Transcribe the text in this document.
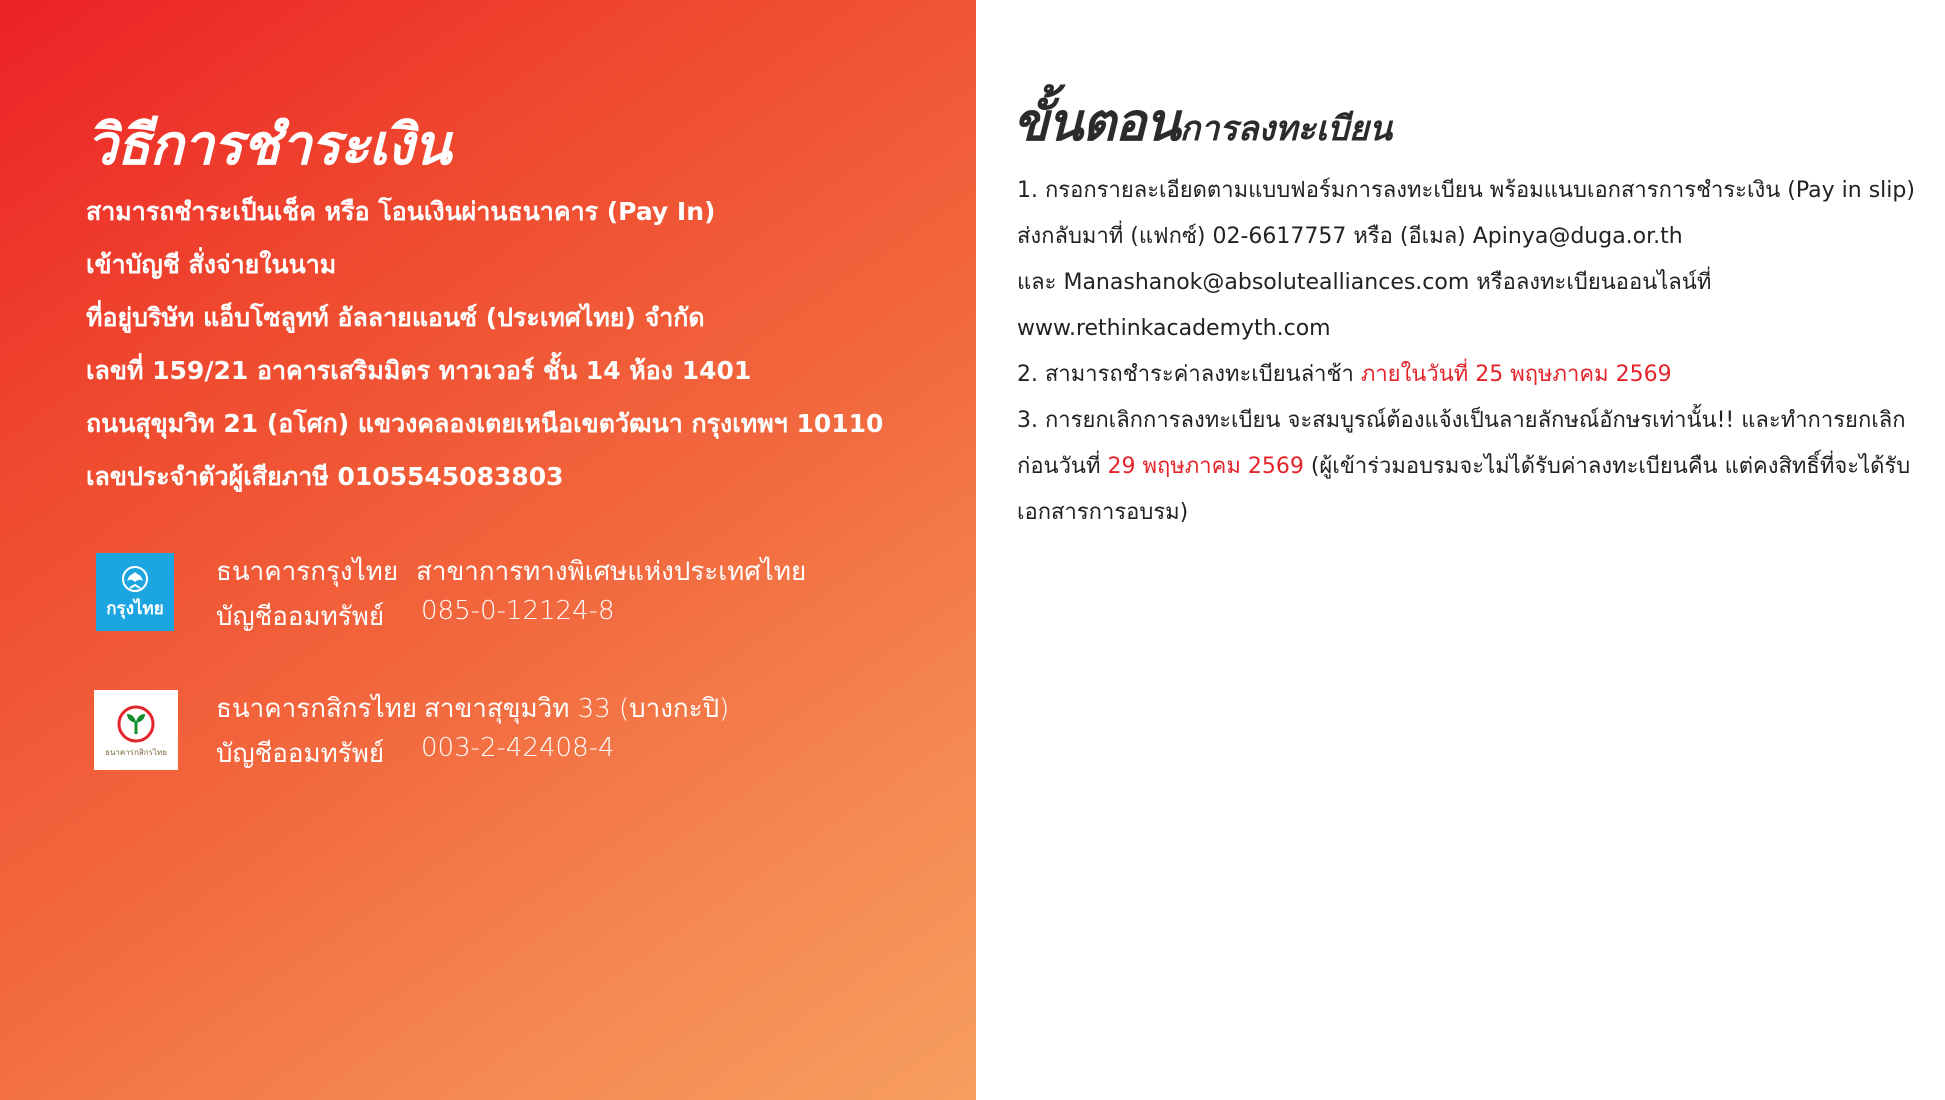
วิธีการชำระเงิน
สามารถชำระเป็นเช็ค หรือ โอนเงินผ่านธนาคาร (Pay In)
เข้าบัญชี สั่งจ่ายในนาม
ที่อยู่บริษัท แอ็บโซลูทท์ อัลลายแอนซ์ (ประเทศไทย) จำกัด
เลขที่ 159/21 อาคารเสริมมิตร ทาวเวอร์ ชั้น 14 ห้อง 1401
ถนนสุขุมวิท 21 (อโศก) แขวงคลองเตยเหนือเขตวัฒนา กรุงเทพฯ 10110
เลขประจำตัวผู้เสียภาษี 0105545083803
กรุงไทย
ธนาคารกรุงไทย สาขาการทางพิเศษแห่งประเทศไทย
บัญชีออมทรัพย์ 085-0-12124-8
ธนาคารกสิกรไทย
ธนาคารกสิกรไทย สาขาสุขุมวิท 33 (บางกะปิ)
บัญชีออมทรัพย์ 003-2-42408-4
ขั้นตอนการลงทะเบียน
1. กรอกรายละเอียดตามแบบฟอร์มการลงทะเบียน พร้อมแนบเอกสารการชำระเงิน (Pay in slip)
ส่งกลับมาที่ (แฟกซ์) 02-6617757 หรือ (อีเมล) Apinya@duga.or.th
และ Manashanok@absolutealliances.com หรือลงทะเบียนออนไลน์ที่
www.rethinkacademyth.com
2. สามารถชำระค่าลงทะเบียนล่าช้า ภายในวันที่ 25 พฤษภาคม 2569
3. การยกเลิกการลงทะเบียน จะสมบูรณ์ต้องแจ้งเป็นลายลักษณ์อักษรเท่านั้น!! และทำการยกเลิก
ก่อนวันที่ 29 พฤษภาคม 2569 (ผู้เข้าร่วมอบรมจะไม่ได้รับค่าลงทะเบียนคืน แต่คงสิทธิ์ที่จะได้รับ
เอกสารการอบรม)
